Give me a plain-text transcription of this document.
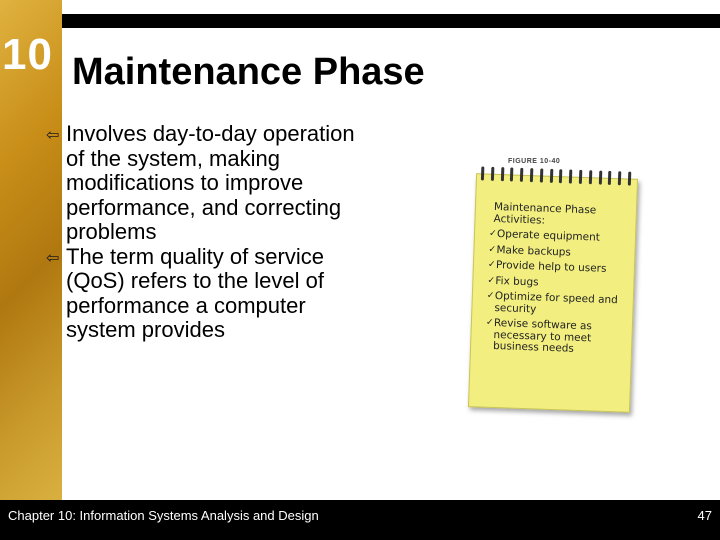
10 Maintenance Phase
⇦ Involves day-to-day operation of the system, making modifications to improve performance, and correcting problems
⇦ The term quality of service (QoS) refers to the level of performance a computer system provides
FIGURE 10-40
Maintenance Phase Activities:
✓ Operate equipment
✓ Make backups
✓ Provide help to users
✓ Fix bugs
✓ Optimize for speed and security
✓ Revise software as necessary to meet business needs
Chapter 10: Information Systems Analysis and Design	47
